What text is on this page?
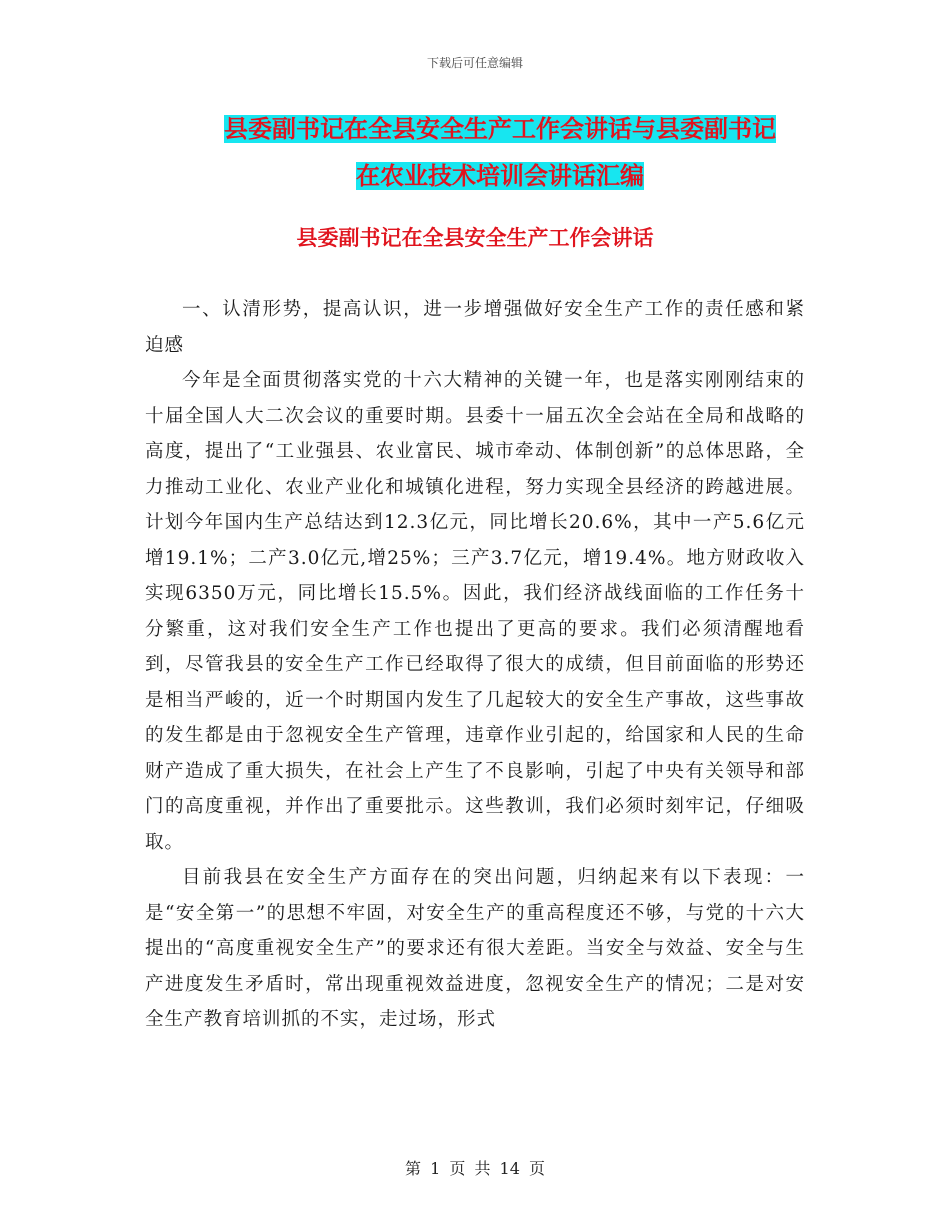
下载后可任意编辑
县委副书记在全县安全生产工作会讲话与县委副书记
在农业技术培训会讲话汇编
县委副书记在全县安全生产工作会讲话

一、认清形势，提高认识，进一步增强做好安全生产工作的责任感和紧迫感

今年是全面贯彻落实党的十六大精神的关键一年，也是落实刚刚结束的十届全国人大二次会议的重要时期。县委十一届五次全会站在全局和战略的高度，提出了“工业强县、农业富民、城市牵动、体制创新”的总体思路，全力推动工业化、农业产业化和城镇化进程，努力实现全县经济的跨越进展。计划今年国内生产总结达到12.3亿元，同比增长20.6%，其中一产5.6亿元增19.1%；二产3.0亿元,增25%；三产3.7亿元，增19.4%。地方财政收入实现6350万元，同比增长15.5%。因此，我们经济战线面临的工作任务十分繁重，这对我们安全生产工作也提出了更高的要求。我们必须清醒地看到，尽管我县的安全生产工作已经取得了很大的成绩，但目前面临的形势还是相当严峻的，近一个时期国内发生了几起较大的安全生产事故，这些事故的发生都是由于忽视安全生产管理，违章作业引起的，给国家和人民的生命财产造成了重大损失，在社会上产生了不良影响，引起了中央有关领导和部门的高度重视，并作出了重要批示。这些教训，我们必须时刻牢记，仔细吸取。

目前我县在安全生产方面存在的突出问题，归纳起来有以下表现：一是“安全第一”的思想不牢固，对安全生产的重高程度还不够，与党的十六大提出的“高度重视安全生产”的要求还有很大差距。当安全与效益、安全与生产进度发生矛盾时，常出现重视效益进度，忽视安全生产的情况；二是对安全生产教育培训抓的不实，走过场，形式

第 1 页 共 14 页
